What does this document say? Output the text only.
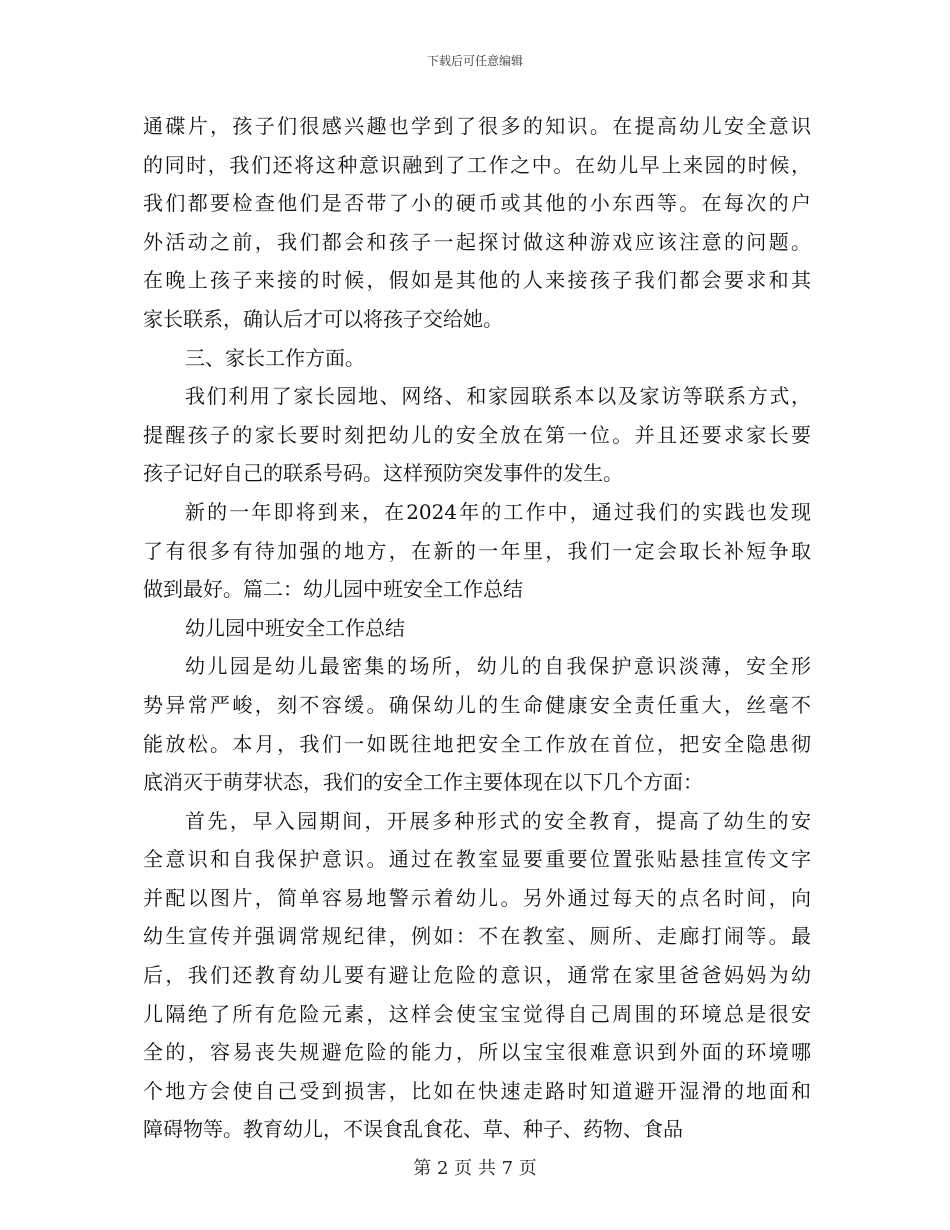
下载后可任意编辑
通碟片，孩子们很感兴趣也学到了很多的知识。在提高幼儿安全意识
的同时，我们还将这种意识融到了工作之中。在幼儿早上来园的时候，
我们都要检查他们是否带了小的硬币或其他的小东西等。在每次的户
外活动之前，我们都会和孩子一起探讨做这种游戏应该注意的问题。
在晚上孩子来接的时候，假如是其他的人来接孩子我们都会要求和其
家长联系，确认后才可以将孩子交给她。
三、家长工作方面。
我们利用了家长园地、网络、和家园联系本以及家访等联系方式，
提醒孩子的家长要时刻把幼儿的安全放在第一位。并且还要求家长要
孩子记好自己的联系号码。这样预防突发事件的发生。
新的一年即将到来，在2024年的工作中，通过我们的实践也发现
了有很多有待加强的地方，在新的一年里，我们一定会取长补短争取
做到最好。篇二：幼儿园中班安全工作总结
幼儿园中班安全工作总结
幼儿园是幼儿最密集的场所，幼儿的自我保护意识淡薄，安全形
势异常严峻，刻不容缓。确保幼儿的生命健康安全责任重大，丝毫不
能放松。本月，我们一如既往地把安全工作放在首位，把安全隐患彻
底消灭于萌芽状态，我们的安全工作主要体现在以下几个方面：
首先，早入园期间，开展多种形式的安全教育，提高了幼生的安
全意识和自我保护意识。通过在教室显要重要位置张贴悬挂宣传文字
并配以图片，简单容易地警示着幼儿。另外通过每天的点名时间，向
幼生宣传并强调常规纪律，例如：不在教室、厕所、走廊打闹等。最
后，我们还教育幼儿要有避让危险的意识，通常在家里爸爸妈妈为幼
儿隔绝了所有危险元素，这样会使宝宝觉得自己周围的环境总是很安
全的，容易丧失规避危险的能力，所以宝宝很难意识到外面的环境哪
个地方会使自己受到损害，比如在快速走路时知道避开湿滑的地面和
障碍物等。教育幼儿，不误食乱食花、草、种子、药物、食品
第 2 页 共 7 页
